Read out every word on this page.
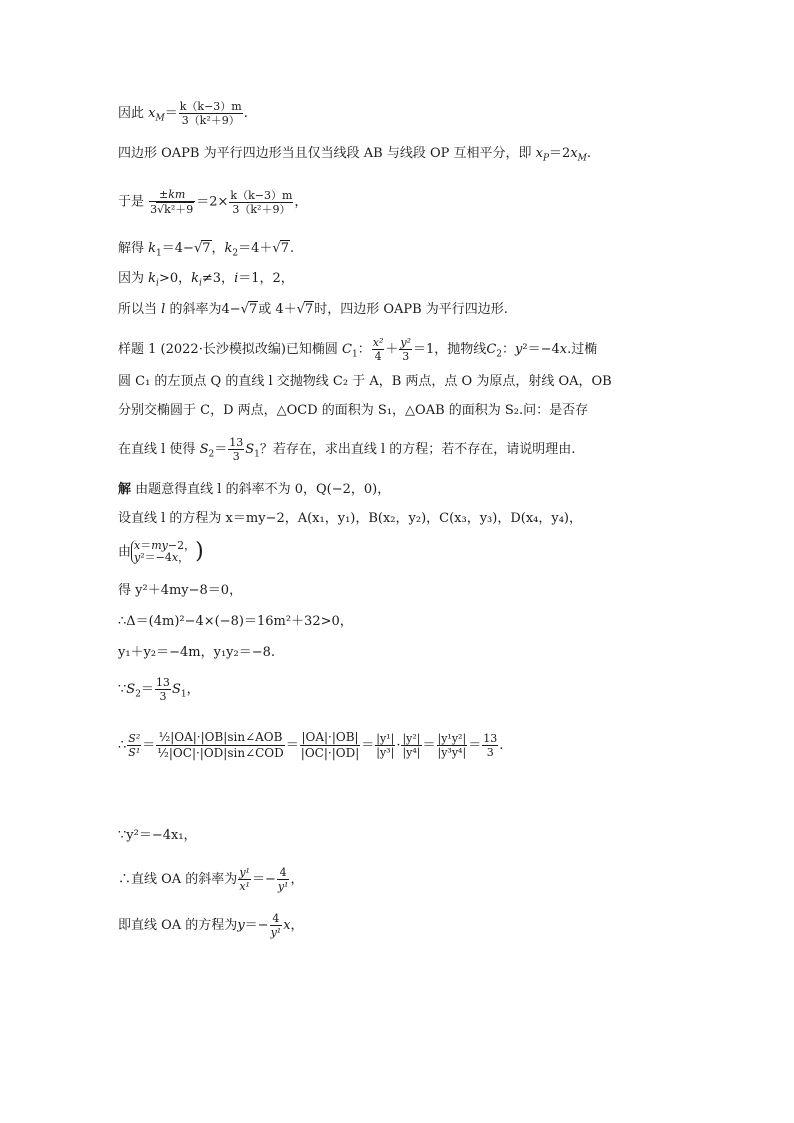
因此 $x_M= \frac{k(k-3)m}{\text{3（k²＋9）}}$ .
四边形 OAPB 为平行四边形当且仅当线段 AB 与线段 OP 互相平分，即 $x_P=2x_M$.
于是 $\frac{\pm km}{\text{3√k²＋9}} =2\times \frac{k(k-3)m}{\text{3（k²＋9）}}$ ，
解得 $k_1=4-√7$，$k_2=4+√7$.
因为 $k_i>0$，$k_i\ne 3$，i＝1，2，
所以当 l 的斜率为4−√7或 4＋√7时，四边形 OAPB 为平行四边形.
样题 1 (2022·长沙模拟改编)已知椭圆 $C_1$： $\frac{\text{x²}}{4} + \frac{\text{y²}}{3} =1$，抛物线$C_2$：y²＝−4x.过椭
圆 C₁ 的左顶点 Q 的直线 l 交抛物线 C₂ 于 A，B 两点，点 O 为原点，射线 OA，OB
分别交椭圆于 C，D 两点，△OCD 的面积为 S₁，△OAB 的面积为 S₂.问：是否存
在直线 l 使得 $S_2= \frac{13}{3} S_1$？若存在，求出直线 l 的方程；若不存在，请说明理由.
解 由题意得直线 l 的斜率不为 0，Q(−2，0)，
设直线 l 的方程为 x＝my−2，A(x₁，y₁)，B(x₂，y₂)，C(x₃，y₃)，D(x₄，y₄)，
由 x＝my−2，
y²＝−4x， )
得 y²＋4my−8＝0，
∴Δ＝(4m)²−4×(−8)＝16m²＋32>0，
y₁＋y₂＝−4m，y₁y₂＝−8.
$\because S_2= \frac{13}{3} S_1$，
∴ $\frac{\text{S²}}{\text{S¹}} = \frac{\text{½|OA|·|OB|sin∠AOB}}{\text{½|OC|·|OD|sin∠COD}} = \frac{|OA|\cdot|OB|}{|OC|\cdot|OD|} = \frac{\text{|y¹|}}{\text{|y³|}} \cdot \frac{\text{|y²|}}{\text{|y⁴|}} = \frac{\text{|y¹y²|}}{\text{|y³y⁴|}} = \frac{13}{3}$ .
∵y²＝−4x₁，
∴直线 OA 的斜率为 $\frac{\text{y¹}}{\text{x¹}} =- \frac{4}{\text{y¹}}$ ，
即直线 OA 的方程为$y=- \frac{4}{\text{y¹}}$ x，
